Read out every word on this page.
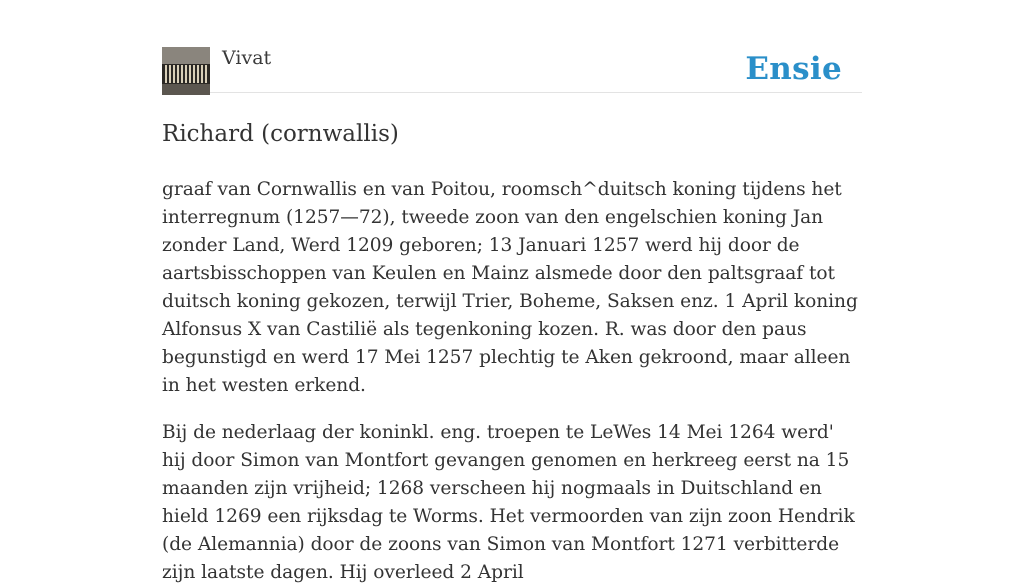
Vivat	Ensie
Richard (cornwallis)

graaf van Cornwallis en van Poitou, roomsch^duitsch koning tijdens het interregnum (1257—72), tweede zoon van den engelschien koning Jan zonder Land, Werd 1209 geboren; 13 Januari 1257 werd hij door de aartsbisschoppen van Keulen en Mainz alsmede door den paltsgraaf tot duitsch koning gekozen, terwijl Trier, Boheme, Saksen enz. 1 April koning Alfonsus X van Castilië als tegenkoning kozen. R. was door den paus begunstigd en werd 17 Mei 1257 plechtig te Aken gekroond, maar alleen in het westen erkend.

Bij de nederlaag der koninkl. eng. troepen te LeWes 14 Mei 1264 werd' hij door Simon van Montfort gevangen genomen en herkreeg eerst na 15 maanden zijn vrijheid; 1268 verscheen hij nogmaals in Duitschland en hield 1269 een rijksdag te Worms. Het vermoorden van zijn zoon Hendrik (de Alemannia) door de zoons van Simon van Montfort 1271 verbitterde zijn laatste dagen. Hij overleed 2 April
